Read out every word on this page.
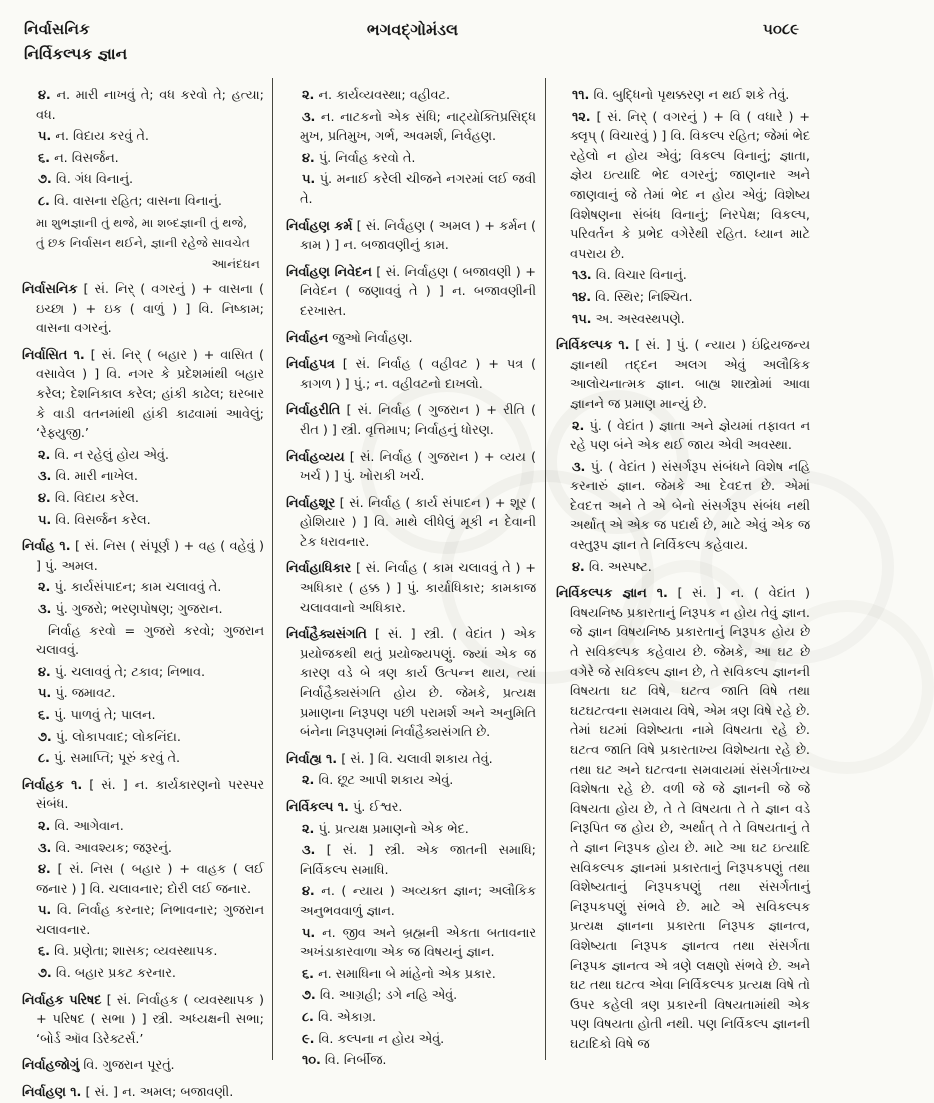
નિર્વાસનિક
નિર્વિકલ્પક જ્ઞાન
ભગવદ્ગોમંડલ	૫૦૮૯
૪. ન. મારી નાખવું તે; વધ કરવો તે; હત્યા; વધ.
૫. ન. વિદાય કરવું તે.
૬. ન. વિસર્જન.
૭. વિ. ગંધ વિનાનું.
૮. વિ. વાસના રહિત; વાસના વિનાનું.
મા શુભજ્ઞાની તું થજે, મા શબ્દજ્ઞાની તું થજે,
તું છક નિર્વાસન થઈને, જ્ઞાની રહેજે સાવચેત
આનંદઘન
નિર્વાસનિક [ સં. નિર્ ( વગરનું ) + વાસના ( ઇચ્છા ) + ઇક ( વાળું ) ] વિ. નિષ્કામ; વાસના વગરનું.
નિર્વાસિત ૧. [ સં. નિર્ ( બહાર ) + વાસિત ( વસાવેલ ) ] વિ. નગર કે પ્રદેશમાંથી બહાર કરેલ; દેશનિકાલ કરેલ; હાંકી કાઢેલ; ઘરબાર કે વાડી વતનમાંથી હાંકી કાઢવામાં આવેલું; ‘રેફ્યુજી.’
૨. વિ. ન રહેલું હોય એવું.
૩. વિ. મારી નાખેલ.
૪. વિ. વિદાય કરેલ.
૫. વિ. વિસર્જન કરેલ.
નિર્વાહ ૧. [ સં. નિસ ( સંપૂર્ણ ) + વહ ( વહેવું ) ] પું. અમલ.
૨. પું. કાર્યસંપાદન; કામ ચલાવવું તે.
૩. પું. ગુજરો; ભરણપોષણ; ગુજરાન.
નિર્વાહ કરવો = ગુજરો કરવો; ગુજરાન ચલાવવું.
૪. પું. ચલાવવું તે; ટકાવ; નિભાવ.
૫. પું. જમાવટ.
૬. પું. પાળવું તે; પાલન.
૭. પું. લોકાપવાદ; લોકનિંદા.
૮. પું. સમાપ્તિ; પૂરું કરવું તે.
નિર્વાહક ૧. [ સં. ] ન. કાર્યકારણનો પરસ્પર સંબંધ.
૨. વિ. આગેવાન.
૩. વિ. આવશ્યક; જરૂરનું.
૪. [ સં. નિસ ( બહાર ) + વાહક ( લઈ જનાર ) ] વિ. ચલાવનાર; દોરી લઈ જનાર.
૫. વિ. નિર્વાહ કરનાર; નિભાવનાર; ગુજરાન ચલાવનાર.
૬. વિ. પ્રણેતા; શાસક; વ્યવસ્થાપક.
૭. વિ. બહાર પ્રકટ કરનાર.
નિર્વાહક પરિષદ [ સં. નિર્વાહક ( વ્યવસ્થાપક ) + પરિષદ ( સભા ) ] સ્ત્રી. અધ્યક્ષની સભા; ‘બોર્ડ ઑવ ડિરેક્ટર્સ.’
નિર્વાહજોગું વિ. ગુજરાન પૂરતું.
નિર્વાહણ ૧. [ સં. ] ન. અમલ; બજાવણી.
૨. ન. કાર્યવ્યવસ્થા; વહીવટ.
૩. ન. નાટકનો એક સંધિ; નાટ્યોક્તિપ્રસિદ્ધ મુખ, પ્રતિમુખ, ગર્ભ, અવમર્શ, નિર્વહણ.
૪. પું. નિર્વાહ કરવો તે.
૫. પું. મનાઈ કરેલી ચીજને નગરમાં લઈ જવી તે.
નિર્વાહણ કર્મ [ સં. નિર્વહણ ( અમલ ) + કર્મન ( કામ ) ] ન. બજાવણીનું કામ.
નિર્વાહણ નિવેદન [ સં. નિર્વાહણ ( બજાવણી ) + નિવેદન ( જણાવવું તે ) ] ન. બજાવણીની દરખાસ્ત.
નિર્વાહન જુઓ નિર્વાહણ.
નિર્વાહપત્ર [ સં. નિર્વાહ ( વહીવટ ) + પત્ર ( કાગળ ) ] પું.; ન. વહીવટનો દાખલો.
નિર્વાહરીતિ [ સં. નિર્વાહ ( ગુજરાન ) + રીતિ ( રીત ) ] સ્ત્રી. વૃત્તિમાપ; નિર્વાહનું ધોરણ.
નિર્વાહવ્યય [ સં. નિર્વાહ ( ગુજરાન ) + વ્યય ( ખર્ચ ) ] પું. ખોરાકી ખર્ચ.
નિર્વાહશૂર [ સં. નિર્વાહ ( કાર્ય સંપાદન ) + શૂર ( હોશિયાર ) ] વિ. માથે લીધેલું મૂકી ન દેવાની ટેક ધરાવનાર.
નિર્વાહાધિકાર [ સં. નિર્વાહ ( કામ ચલાવવું તે ) + અધિકાર ( હક્ક ) ] પું. કાર્યાધિકાર; કામકાજ ચલાવવાનો અધિકાર.
નિર્વાહૈક્યસંગતિ [ સં. ] સ્ત્રી. ( વેદાંત ) એક પ્રયોજકથી થતું પ્રયોજ્યપણું. જ્યાં એક જ કારણ વડે બે ત્રણ કાર્ય ઉત્પન્ન થાય, ત્યાં નિર્વાહૈક્યસંગતિ હોય છે. જેમકે, પ્રત્યક્ષ પ્રમાણના નિરૂપણ પછી પરામર્શ અને અનુમિતિ બંનેના નિરૂપણમાં નિર્વાહૈક્યસંગતિ છે.
નિર્વાહ્ય ૧. [ સં. ] વિ. ચલાવી શકાય તેવું.
૨. વિ. છૂટ આપી શકાય એવું.
નિર્વિકલ્પ ૧. પું. ઈશ્વર.
૨. પું. પ્રત્યક્ષ પ્રમાણનો એક ભેદ.
૩. [ સં. ] સ્ત્રી. એક જાતની સમાધિ; નિર્વિકલ્પ સમાધિ.
૪. ન. ( ન્યાય ) અવ્યક્ત જ્ઞાન; અલૌકિક અનુભવવાળું જ્ઞાન.
૫. ન. જીવ અને બ્રહ્મની એકતા બતાવનાર અખંડાકારવાળા એક જ વિષયનું જ્ઞાન.
૬. ન. સમાધિના બે માંહેનો એક પ્રકાર.
૭. વિ. આગ્રહી; ડગે નહિ એવું.
૮. વિ. એકાગ્ર.
૯. વિ. કલ્પના ન હોય એવું.
૧૦. વિ. નિર્બીજ.
૧૧. વિ. બુદ્ધિનો પૃથક્કરણ ન થઈ શકે તેવું.
૧૨. [ સં. નિર્ ( વગરનું ) + વિ ( વધારે ) + ક્લૃપ્ ( વિચારવું ) ] વિ. વિકલ્પ રહિત; જેમાં ભેદ રહેલો ન હોય એવું; વિકલ્પ વિનાનું; જ્ઞાતા, જ્ઞેય ઇત્યાદિ ભેદ વગરનું; જાણનાર અને જાણવાનું જે તેમાં ભેદ ન હોય એવું; વિશેષ્ય વિશેષણના સંબંધ વિનાનું; નિરપેક્ષ; વિકલ્પ, પરિવર્તન કે પ્રભેદ વગેરેથી રહિત. ધ્યાન માટે વપરાય છે.
૧૩. વિ. વિચાર વિનાનું.
૧૪. વિ. સ્થિર; નિશ્ચિત.
૧૫. અ. અસ્વસ્થપણે.
નિર્વિકલ્પક ૧. [ સં. ] પું. ( ન્યાય ) ઇંદ્રિયજન્ય જ્ઞાનથી તદ્દન અલગ એવું અલૌકિક આલોચનાત્મક જ્ઞાન. બાહ્ય શાસ્ત્રોમાં આવા જ્ઞાનને જ પ્રમાણ માન્યું છે.
૨. પું. ( વેદાંત ) જ્ઞાતા અને જ્ઞેયમાં તફાવત ન રહે પણ બંને એક થઈ જાય એવી અવસ્થા.
૩. પું. ( વેદાંત ) સંસર્ગરૂપ સંબંધને વિશેષ નહિ કરનારું જ્ઞાન. જેમકે આ દેવદત્ત છે. એમાં દેવદત્ત અને તે એ બેનો સંસર્ગરૂપ સંબંધ નથી અર્થાત્ એ એક જ પદાર્થ છે, માટે એવું એક જ વસ્તુરૂપ જ્ઞાન તે નિર્વિકલ્પ કહેવાય.
૪. વિ. અસ્પષ્ટ.
નિર્વિકલ્પક જ્ઞાન ૧. [ સં. ] ન. ( વેદાંત ) વિષયનિષ્ઠ પ્રકારતાનું નિરૂપક ન હોય તેવું જ્ઞાન. જે જ્ઞાન વિષયનિષ્ઠ પ્રકારતાનું નિરૂપક હોય છે તે સવિકલ્પક કહેવાય છે. જેમકે, આ ઘટ છે વગેરે જે સવિકલ્પ જ્ઞાન છે, તે સવિકલ્પ જ્ઞાનની વિષયતા ઘટ વિષે, ઘટત્વ જાતિ વિષે તથા ઘટઘટત્વના સમવાય વિષે, એમ ત્રણ વિષે રહે છે. તેમાં ઘટમાં વિશેષ્યતા નામે વિષયતા રહે છે. ઘટત્વ જાતિ વિષે પ્રકારતાખ્ય વિશેષ્યતા રહે છે. તથા ઘટ અને ઘટત્વના સમવાયમાં સંસર્ગતાખ્ય વિશેષતા રહે છે. વળી જે જે જ્ઞાનની જે જે વિષયતા હોય છે, તે તે વિષયતા તે તે જ્ઞાન વડે નિરૂપિત જ હોય છે, અર્થાત્ તે તે વિષયતાનું તે તે જ્ઞાન નિરૂપક હોય છે. માટે આ ઘટ ઇત્યાદિ સવિકલ્પક જ્ઞાનમાં પ્રકારતાનું નિરૂપકપણું તથા વિશેષ્યતાનું નિરૂપકપણું તથા સંસર્ગતાનું નિરૂપકપણું સંભવે છે. માટે એ સવિકલ્પક પ્રત્યક્ષ જ્ઞાનના પ્રકારતા નિરૂપક જ્ઞાનત્વ, વિશેષ્યતા નિરૂપક જ્ઞાનત્વ તથા સંસર્ગતા નિરૂપક જ્ઞાનત્વ એ ત્રણે લક્ષણો સંભવે છે. અને ઘટ તથા ઘટત્વ એવા નિર્વિકલ્પક પ્રત્યક્ષ વિષે તો ઉપર કહેલી ત્રણ પ્રકારની વિષયતામાંથી એક પણ વિષયતા હોતી નથી. પણ નિર્વિકલ્પ જ્ઞાનની ઘટાદિકો વિષે જ
